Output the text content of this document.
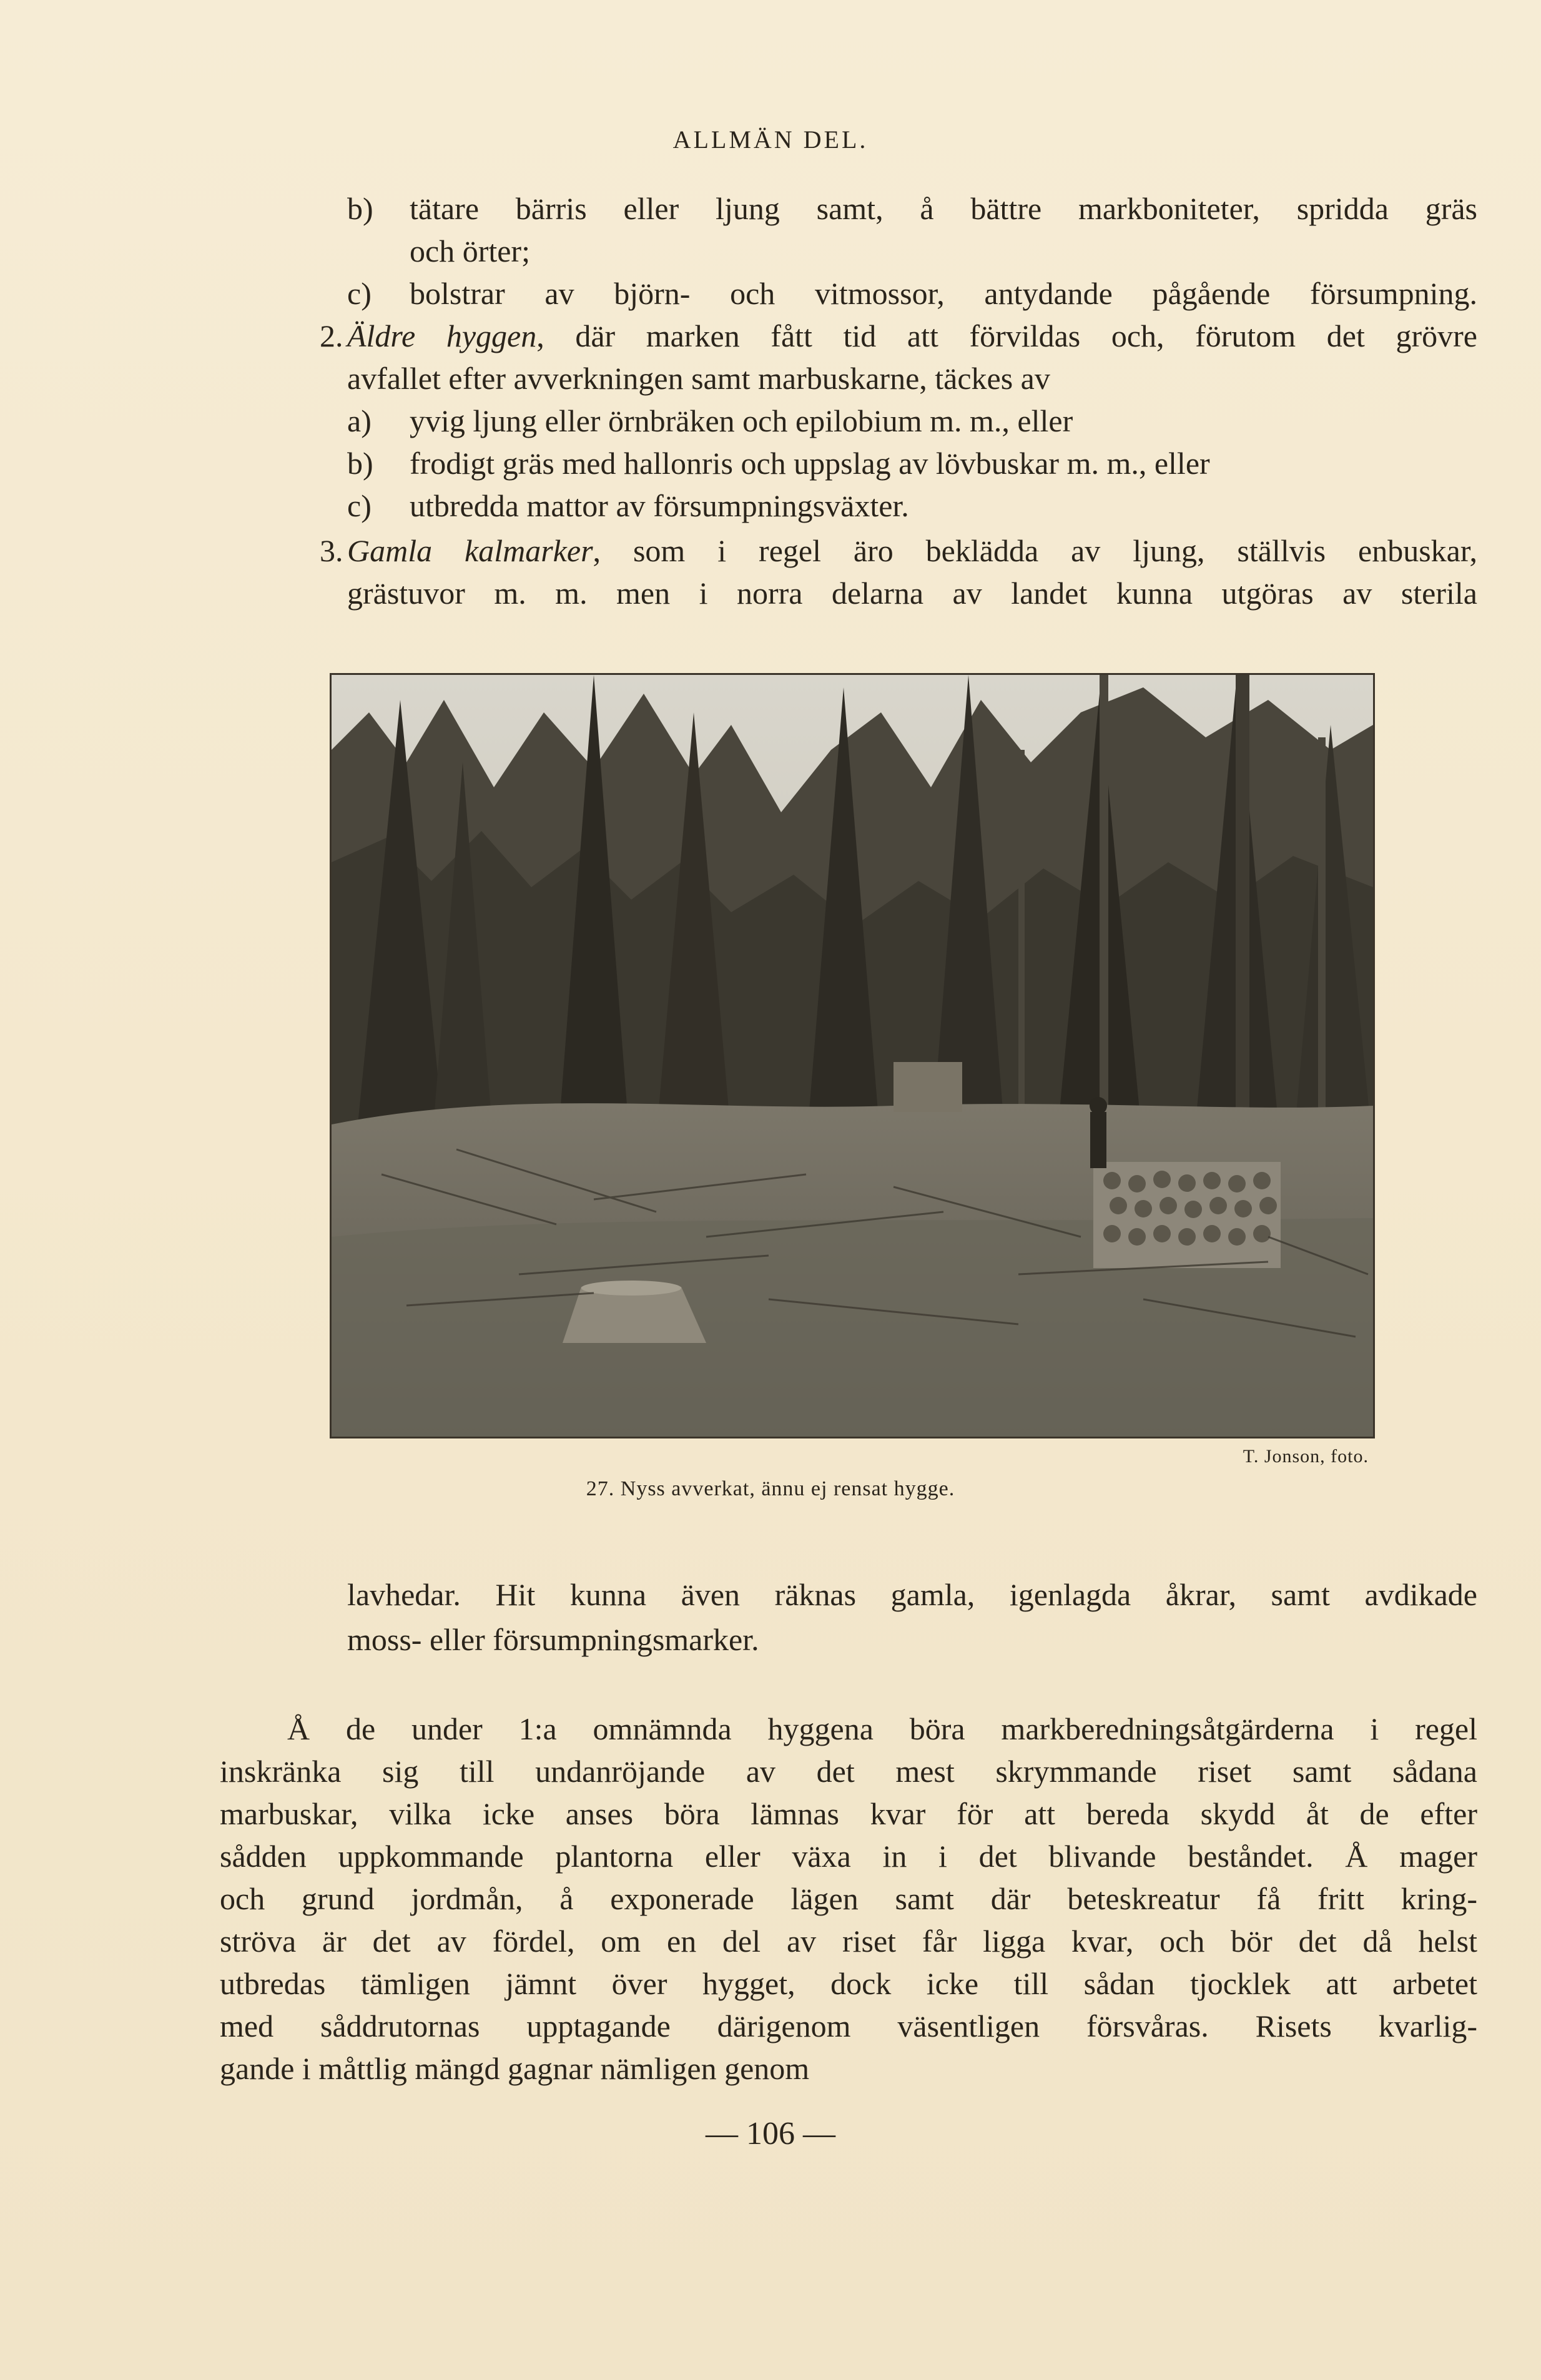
ALLMÄN DEL.
b) tätare bärris eller ljung samt, å bättre markboniteter, spridda gräs
och örter;
c) bolstrar av björn- och vitmossor, antydande pågående försumpning.
2. Äldre hyggen, där marken fått tid att förvildas och, förutom det grövre
avfallet efter avverkningen samt marbuskarne, täckes av
a) yvig ljung eller örnbräken och epilobium m. m., eller
b) frodigt gräs med hallonris och uppslag av lövbuskar m. m., eller
c) utbredda mattor av försumpningsväxter.
3. Gamla kalmarker, som i regel äro beklädda av ljung, ställvis enbuskar,
grästuvor m. m. men i norra delarna av landet kunna utgöras av sterila
T. Jonson, foto.
27. Nyss avverkat, ännu ej rensat hygge.
lavhedar. Hit kunna även räknas gamla, igenlagda åkrar, samt avdikade
moss- eller försumpningsmarker.
Å de under 1:a omnämnda hyggena böra markberedningsåtgärderna i regel
inskränka sig till undanröjande av det mest skrymmande riset samt sådana
marbuskar, vilka icke anses böra lämnas kvar för att bereda skydd åt de efter
sådden uppkommande plantorna eller växa in i det blivande beståndet. Å mager
och grund jordmån, å exponerade lägen samt där beteskreatur få fritt kring-
ströva är det av fördel, om en del av riset får ligga kvar, och bör det då helst
utbredas tämligen jämnt över hygget, dock icke till sådan tjocklek att arbetet
med såddrutornas upptagande därigenom väsentligen försvåras. Risets kvarlig-
gande i måttlig mängd gagnar nämligen genom
— 106 —
